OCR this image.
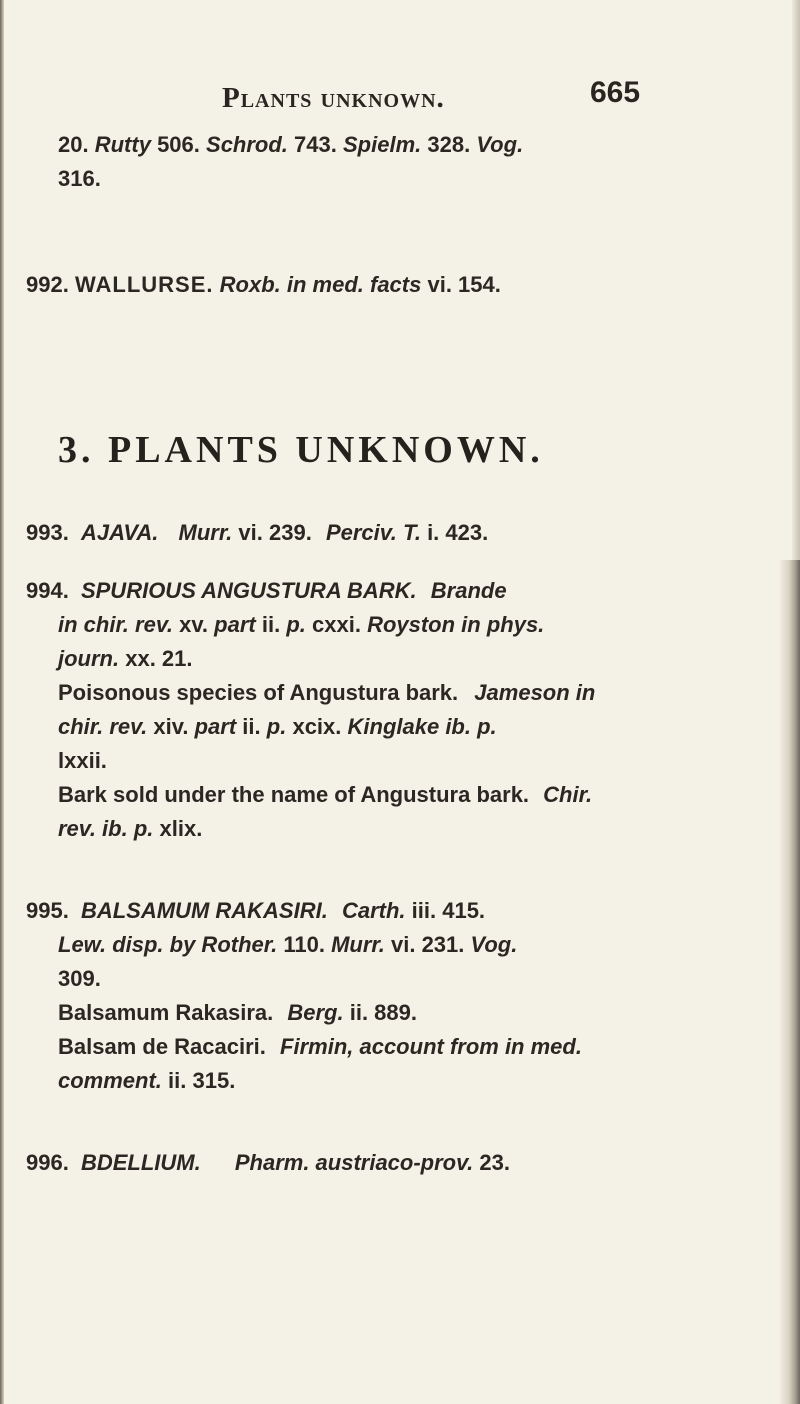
Plants unknown.	665
20. Rutty 506. Schrod. 743. Spielm. 328. Vog.
316.
992. WALLURSE. Roxb. in med. facts vi. 154.
3. PLANTS UNKNOWN.
993. AJAVA. Murr. vi. 239. Perciv. T. i. 423.
994. SPURIOUS ANGUSTURA BARK. Brande
in chir. rev. xv. part ii. p. cxxi. Royston in phys.
journ. xx. 21.
Poisonous species of Angustura bark. Jameson in
chir. rev. xiv. part ii. p. xcix. Kinglake ib. p.
lxxii.
Bark sold under the name of Angustura bark. Chir.
rev. ib. p. xlix.
995. BALSAMUM RAKASIRI. Carth. iii. 415.
Lew. disp. by Rother. 110. Murr. vi. 231. Vog.
309.
Balsamum Rakasira. Berg. ii. 889.
Balsam de Racaciri. Firmin, account from in med.
comment. ii. 315.
996. BDELLIUM. Pharm. austriaco-prov. 23.
